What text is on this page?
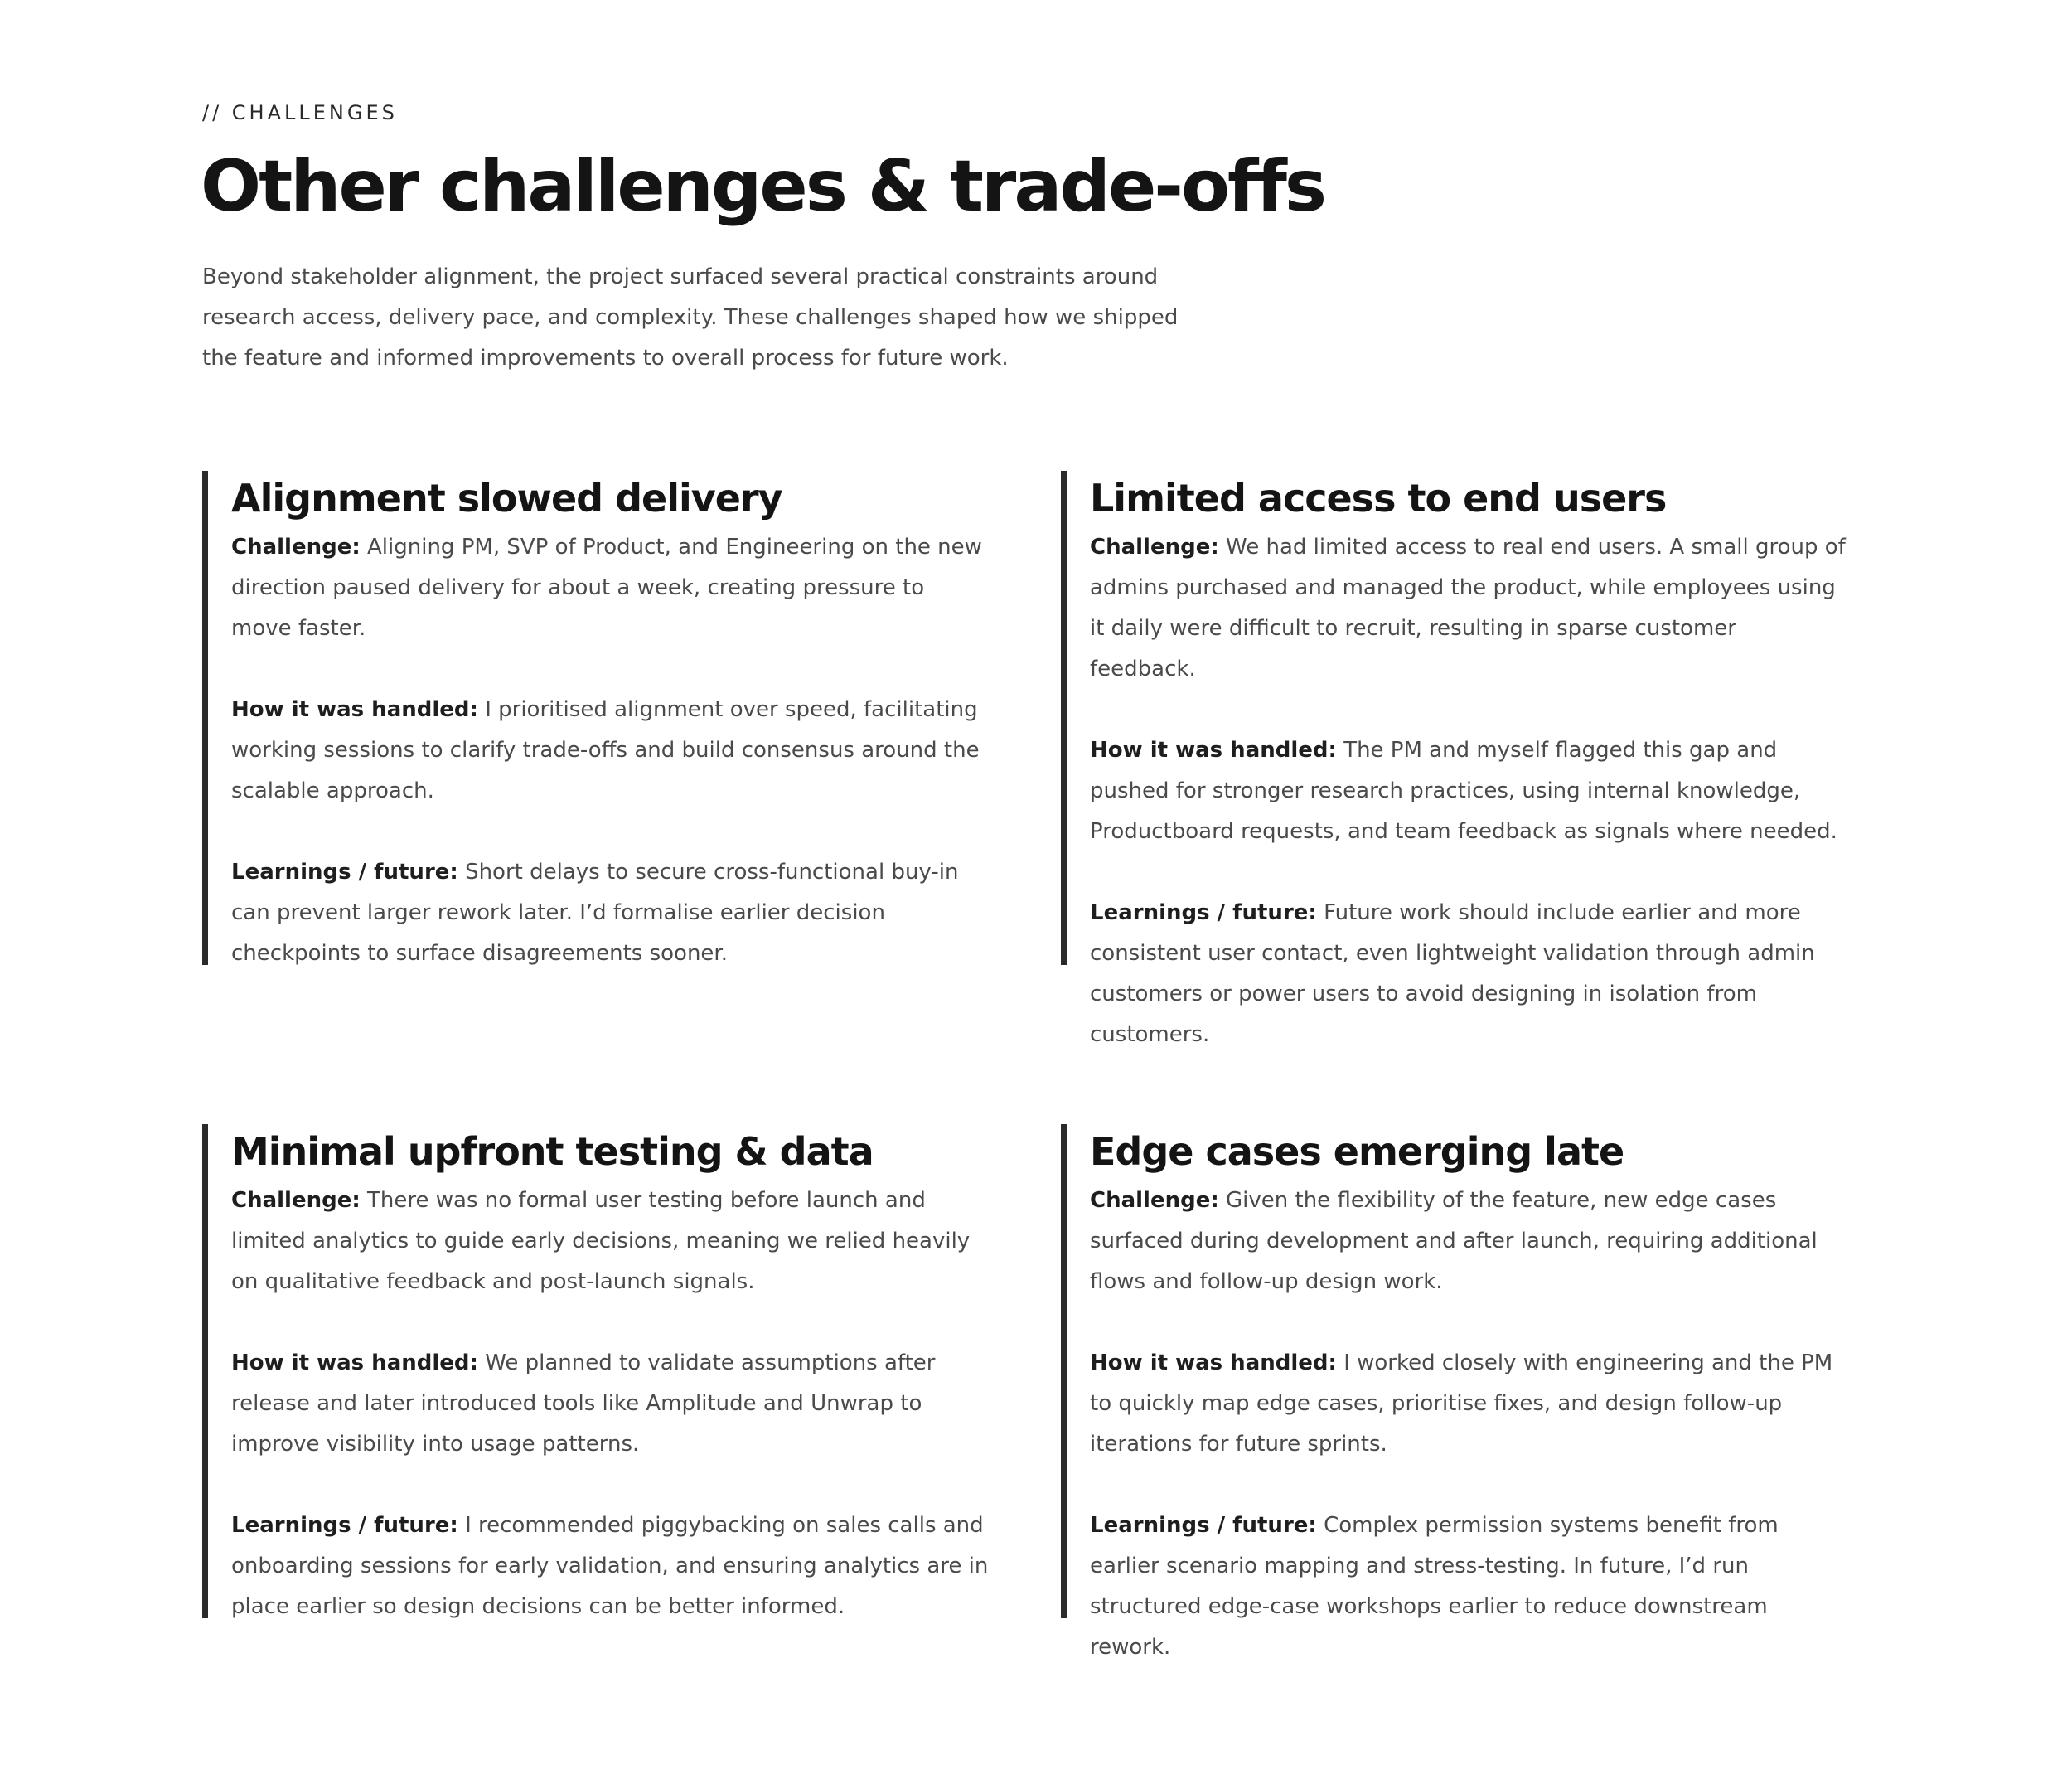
// CHALLENGES
Other challenges & trade-offs

Beyond stakeholder alignment, the project surfaced several practical constraints around research access, delivery pace, and complexity. These challenges shaped how we shipped the feature and informed improvements to overall process for future work.

Alignment slowed delivery

Challenge: Aligning PM, SVP of Product, and Engineering on the new direction paused delivery for about a week, creating pressure to move faster.

How it was handled: I prioritised alignment over speed, facilitating working sessions to clarify trade-offs and build consensus around the scalable approach.

Learnings / future: Short delays to secure cross-functional buy-in can prevent larger rework later. I’d formalise earlier decision checkpoints to surface disagreements sooner.

Limited access to end users

Challenge: We had limited access to real end users. A small group of admins purchased and managed the product, while employees using it daily were difficult to recruit, resulting in sparse customer feedback.

How it was handled: The PM and myself flagged this gap and pushed for stronger research practices, using internal knowledge, Productboard requests, and team feedback as signals where needed.

Learnings / future: Future work should include earlier and more consistent user contact, even lightweight validation through admin customers or power users to avoid designing in isolation from customers.

Minimal upfront testing & data

Challenge: There was no formal user testing before launch and limited analytics to guide early decisions, meaning we relied heavily on qualitative feedback and post-launch signals.

How it was handled: We planned to validate assumptions after release and later introduced tools like Amplitude and Unwrap to improve visibility into usage patterns.

Learnings / future: I recommended piggybacking on sales calls and onboarding sessions for early validation, and ensuring analytics are in place earlier so design decisions can be better informed.

Edge cases emerging late

Challenge: Given the flexibility of the feature, new edge cases surfaced during development and after launch, requiring additional flows and follow-up design work.

How it was handled: I worked closely with engineering and the PM to quickly map edge cases, prioritise fixes, and design follow-up iterations for future sprints.

Learnings / future: Complex permission systems benefit from earlier scenario mapping and stress-testing. In future, I’d run structured edge-case workshops earlier to reduce downstream rework.
